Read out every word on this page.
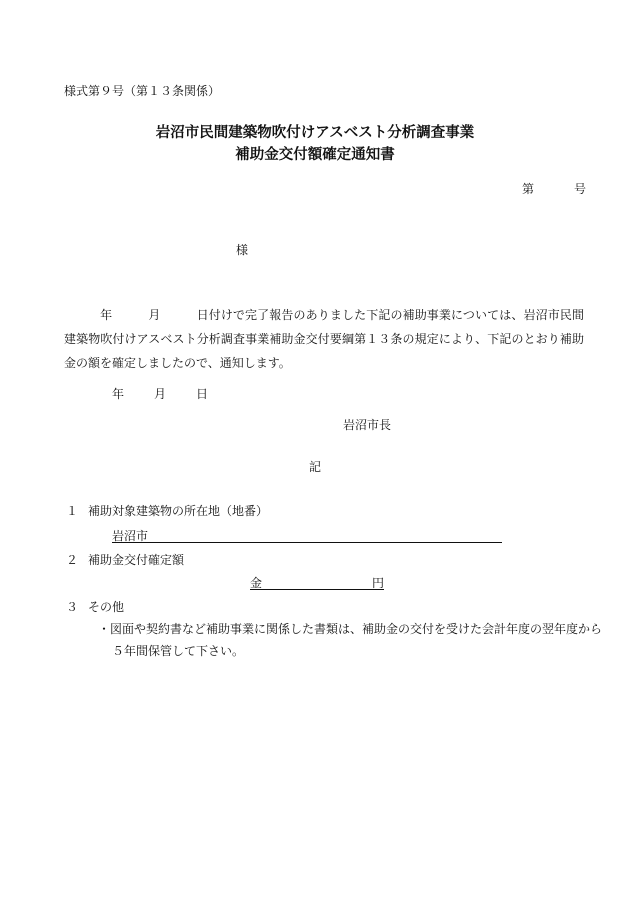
様式第９号（第１３条関係）
岩沼市民間建築物吹付けアスベスト分析調査事業
補助金交付額確定通知書
第	号
様
年	月	日付けで完了報告のありました下記の補助事業については、岩沼市民間建築物吹付けアスベスト分析調査事業補助金交付要綱第１３条の規定により、下記のとおり補助金の額を確定しましたので、通知します。
年	月	日
岩沼市長
記
１ 補助対象建築物の所在地（地番）
岩沼市
２ 補助金交付確定額
金	円
３ その他
・図面や契約書など補助事業に関係した書類は、補助金の交付を受けた会計年度の翌年度から
５年間保管して下さい。
